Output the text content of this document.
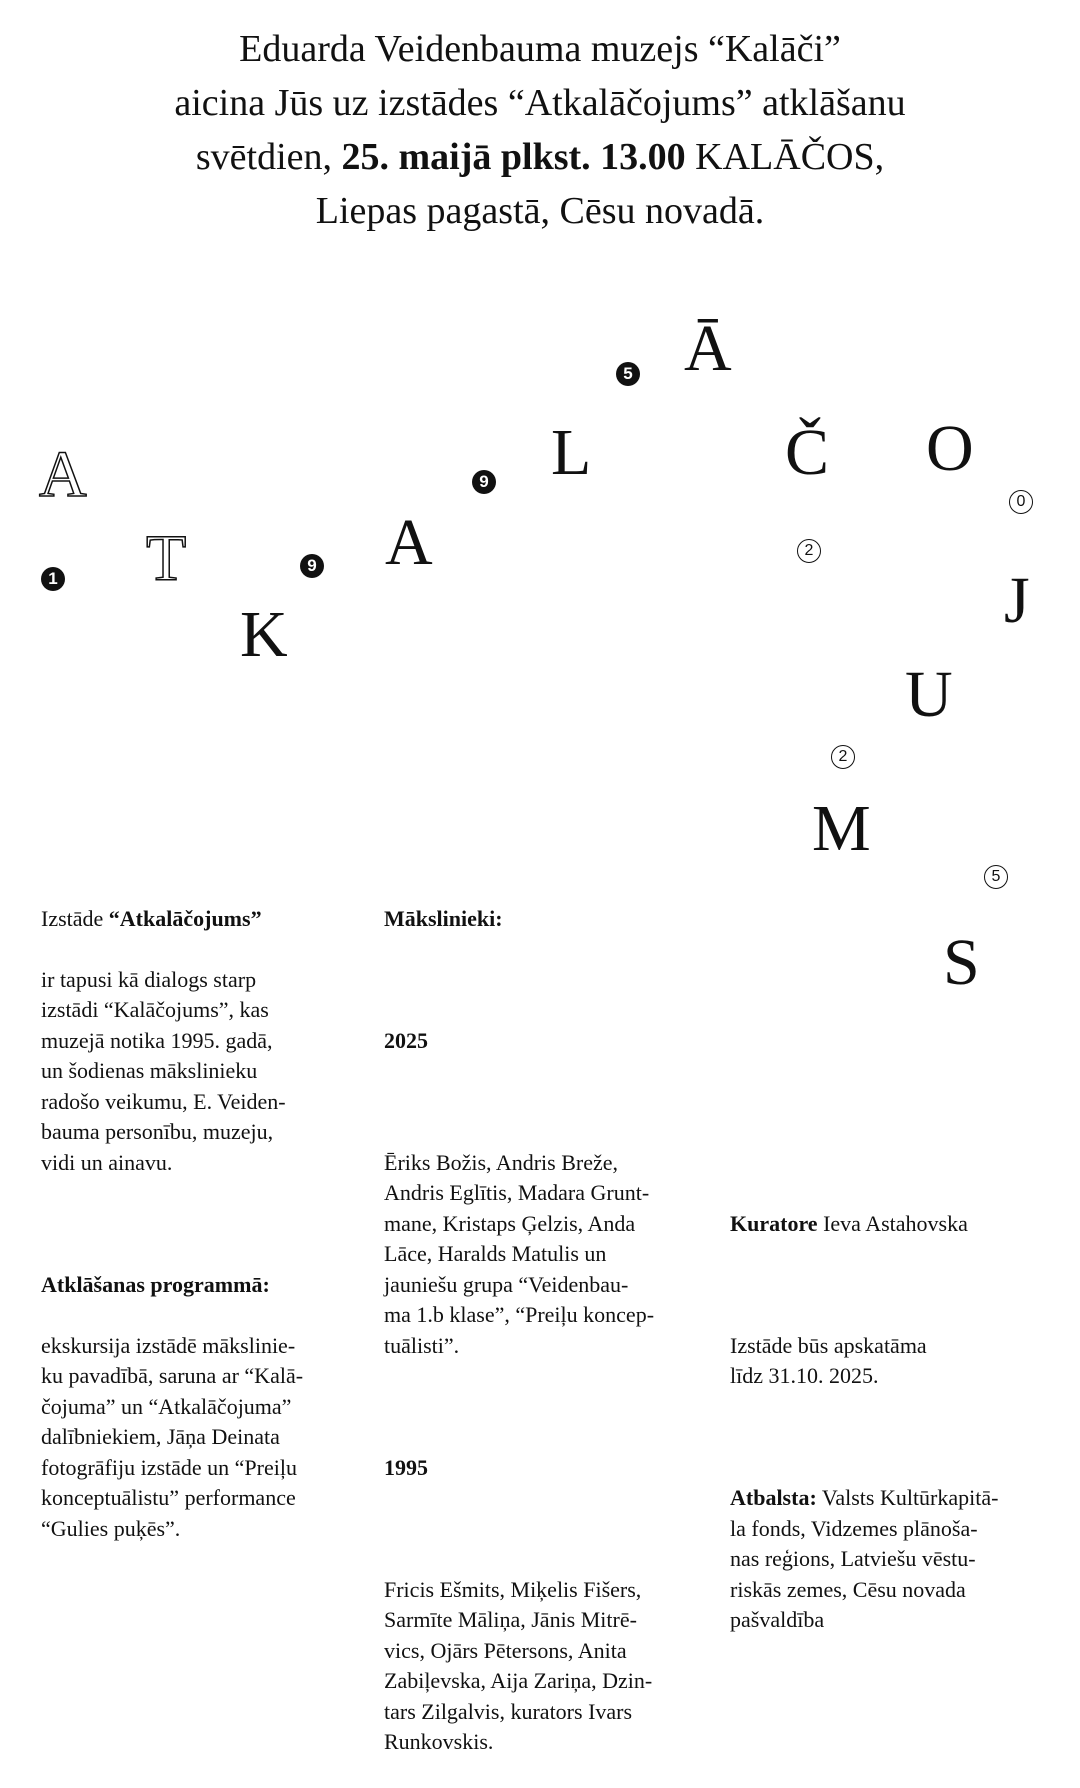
Eduarda Veidenbauma muzejs “Kalāči”
aicina Jūs uz izstādes “Atkalāčojums” atklāšanu
svētdien, 25. maijā plkst. 13.00 KALĀČOS,
Liepas pagastā, Cēsu novadā.
A
T
K
A
L
Ā
Č O
J
U
M
S
1
9
9
5
2
0
2
5

Izstāde “Atkalāčojums”

ir tapusi kā dialogs starp
izstādi “Kalāčojums”, kas
muzejā notika 1995. gadā,
un šodienas mākslinieku
radošo veikumu, E. Veiden-
bauma personību, muzeju,
vidi un ainavu.

Atklāšanas programmā:

ekskursija izstādē mākslinie-
ku pavadībā, saruna ar “Kalā-
čojuma” un “Atkalāčojuma”
dalībniekiem, Jāņa Deinata
fotogrāfiju izstāde un “Preiļu
konceptuālistu” performance
“Gulies puķēs”.

Mākslinieki:

2025

Ēriks Božis, Andris Breže,
Andris Eglītis, Madara Grunt-
mane, Kristaps Ģelzis, Anda
Lāce, Haralds Matulis un
jauniešu grupa “Veidenbau-
ma 1.b klase”, “Preiļu koncep-
tuālisti”.

1995

Fricis Ešmits, Miķelis Fišers,
Sarmīte Māliņa, Jānis Mitrē-
vics, Ojārs Pētersons, Anita
Zabiļevska, Aija Zariņa, Dzin-
tars Zilgalvis, kurators Ivars
Runkovskis.

Kuratore Ieva Astahovska

Izstāde būs apskatāma
līdz 31.10. 2025.

Atbalsta: Valsts Kultūrkapitā-
la fonds, Vidzemes plānoša-
nas reģions, Latviešu vēstu-
riskās zemes, Cēsu novada
pašvaldība
